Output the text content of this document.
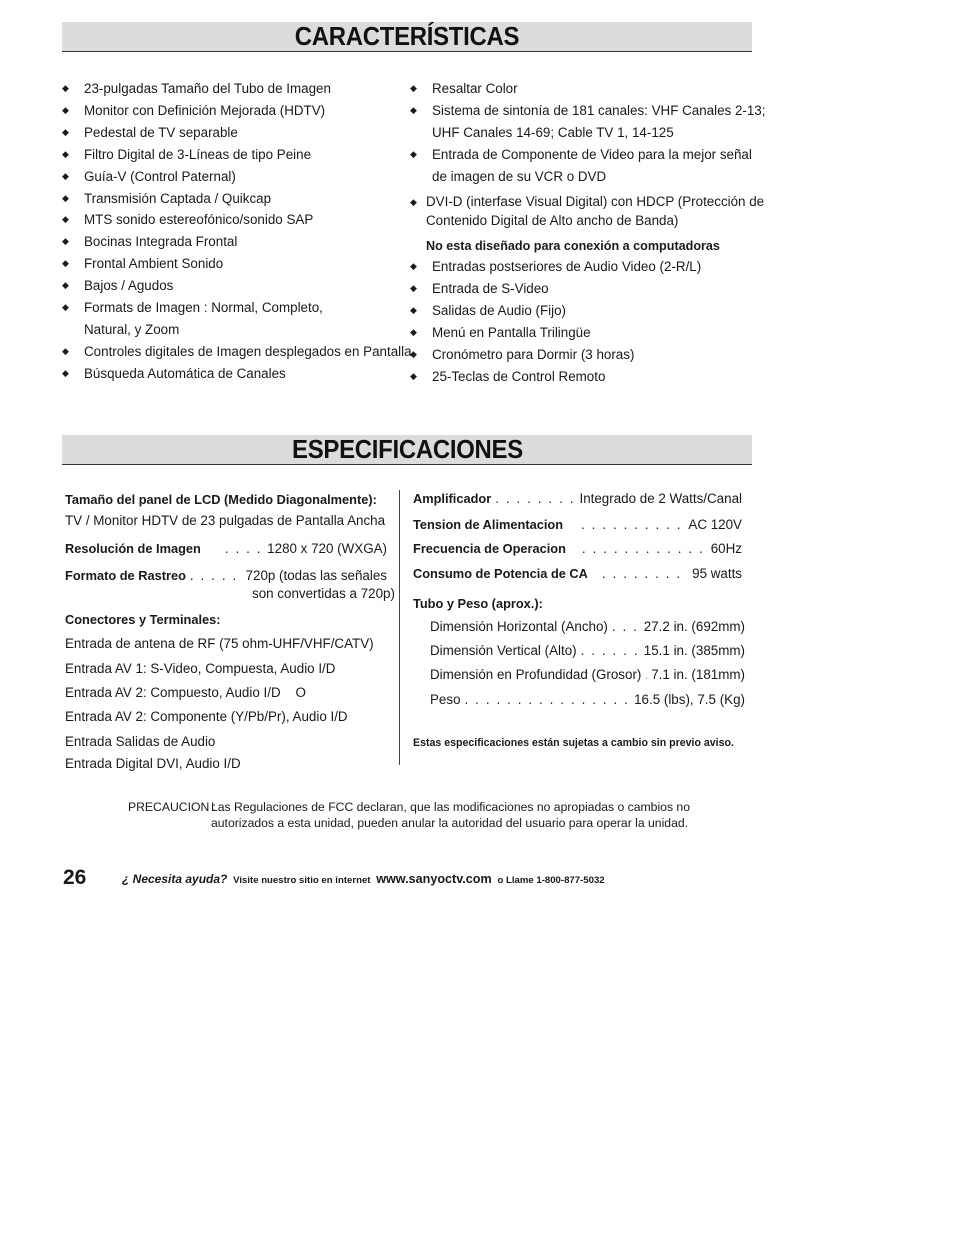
CARACTERÍSTICAS
◆ 23-pulgadas Tamaño del Tubo de Imagen
◆ Monitor con Definición Mejorada (HDTV)
◆ Pedestal de TV separable
◆ Filtro Digital de 3-Líneas de tipo Peine
◆ Guía-V (Control Paternal)
◆ Transmisión Captada / Quikcap
◆ MTS sonido estereofónico/sonido SAP
◆ Bocinas Integrada Frontal
◆ Frontal Ambient Sonido
◆ Bajos / Agudos
◆ Formats de Imagen : Normal, Completo,
Natural, y Zoom
◆ Controles digitales de Imagen desplegados en Pantalla
◆ Búsqueda Automática de Canales
◆ Resaltar Color
◆ Sistema de sintonía de 181 canales: VHF Canales 2-13;
UHF Canales 14-69; Cable TV 1, 14-125
◆ Entrada de Componente de Video para la mejor señal
de imagen de su VCR o DVD
◆ DVI-D (interfase Visual Digital) con HDCP (Protección de
Contenido Digital de Alto ancho de Banda)
No esta diseñado para conexión a computadoras
◆ Entradas postseriores de Audio Video (2-R/L)
◆ Entrada de S-Video
◆ Salidas de Audio (Fijo)
◆ Menú en Pantalla Trilingüe
◆ Cronómetro para Dormir (3 horas)
◆ 25-Teclas de Control Remoto
ESPECIFICACIONES
Tamaño del panel de LCD (Medido Diagonalmente):
TV / Monitor HDTV de 23 pulgadas de Pantalla Ancha
Resolución de Imagen . . .	1280 x 720 (WXGA)
Formato de Rastreo . . .	720p (todas las señales
son convertidas a 720p)
Conectores y Terminales:
Entrada de antena de RF (75 ohm-UHF/VHF/CATV)
Entrada AV 1: S-Video, Compuesta, Audio I/D
Entrada AV 2: Compuesto, Audio I/D    O
Entrada AV 2: Componente (Y/Pb/Pr), Audio I/D
Entrada Salidas de Audio
Entrada Digital DVI, Audio I/D
Amplificador . . .	Integrado de 2 Watts/Canal
Tension de Alimentacion . . .	AC 120V
Frecuencia de Operacion . . .	60Hz
Consumo de Potencia de CA . . .	95 watts
Tubo y Peso (aprox.):
Dimensión Horizontal (Ancho) . . .	27.2 in. (692mm)
Dimensión Vertical (Alto) . . .	15.1 in. (385mm)
Dimensión en Profundidad (Grosor) . . . 7.1 in. (181mm)
Peso . . .	16.5 (lbs), 7.5 (Kg)
Estas especificaciones están sujetas a cambio sin previo aviso.
PRECAUCION :
Las Regulaciones de FCC declaran, que las modificaciones no apropiadas o cambios no
autorizados a esta unidad, pueden anular la autoridad del usuario para operar la unidad.
26	¿ Necesita ayuda? Visite nuestro sitio en internet www.sanyoctv.com o Llame 1-800-877-5032
